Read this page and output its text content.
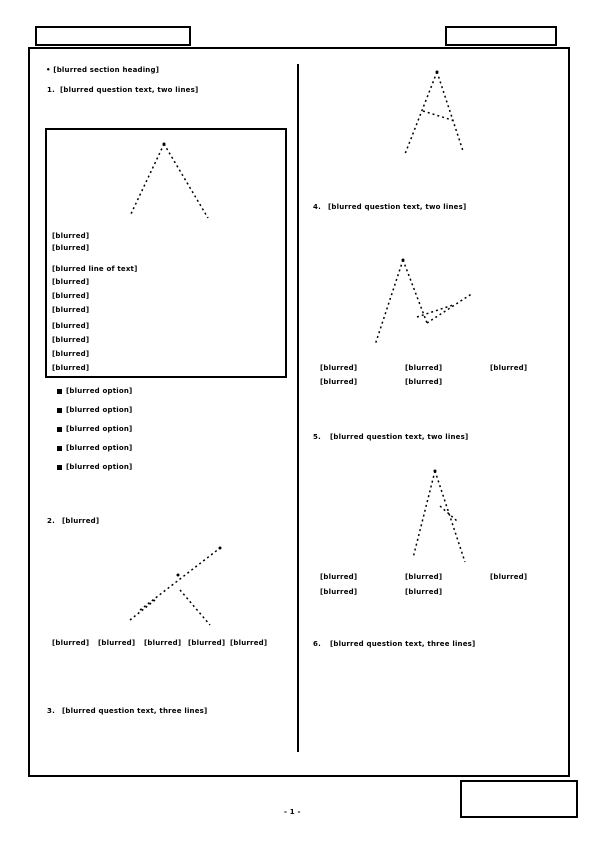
• [blurred section heading]
1. [blurred question text, two lines]
[blurred]
[blurred]
[blurred line of text]
[blurred]
[blurred]
[blurred]
[blurred]
[blurred]
[blurred]
[blurred]
[blurred option]
[blurred option]
[blurred option]
[blurred option]
[blurred option]
2. [blurred]
[blurred] [blurred] [blurred] [blurred] [blurred]
3. [blurred question text, three lines]
4. [blurred question text, two lines]
[blurred]	[blurred]	[blurred]
[blurred]	[blurred]
5. [blurred question text, two lines]
[blurred]	[blurred]	[blurred]
[blurred]	[blurred]
6. [blurred question text, three lines]
- 1 -
